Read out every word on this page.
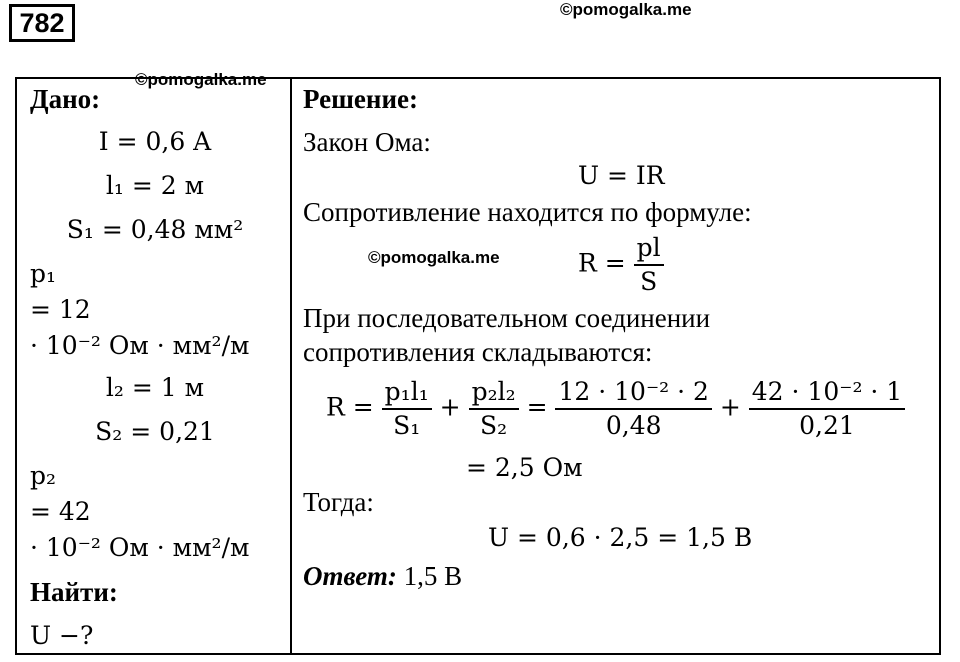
782	©pomogalka.me
Дано:
©pomogalka.me
I = 0,6 A
l₁ = 2 м
S₁ = 0,48 мм²
p₁
= 12
· 10⁻² Ом · мм²/м
l₂ = 1 м
S₂ = 0,21
p₂
= 42
· 10⁻² Ом · мм²/м
Найти:
U −?
Решение:
Закон Ома:
U = IR
Сопротивление находится по формуле:
©pomogalka.me	$R = \frac{pl}{S}$
При последовательном соединении
сопротивления складываются:
$R = \frac{\text{p₁l₁}}{\text{S₁}} + \frac{\text{p₂l₂}}{\text{S₂}} = \frac{\text{12 · 10⁻² · 2}}{0,48} + \frac{\text{42 · 10⁻² · 1}}{0,21}$
= 2,5 Ом
Тогда:
U = 0,6 · 2,5 = 1,5 В
Ответ: 1,5 В
